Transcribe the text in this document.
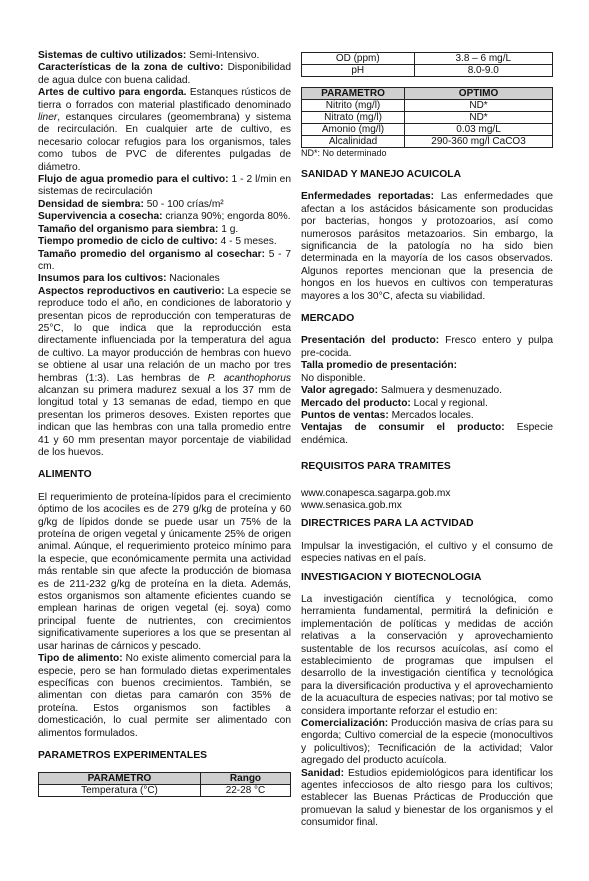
Sistemas de cultivo utilizados: Semi-Intensivo.

Características de la zona de cultivo: Disponibilidad de agua dulce con buena calidad.

Artes de cultivo para engorda. Estanques rústicos de tierra o forrados con material plastificado denominado liner, estanques circulares (geomembrana) y sistema de recirculación. En cualquier arte de cultivo, es necesario colocar refugios para los organismos, tales como tubos de PVC de diferentes pulgadas de diámetro.

Flujo de agua promedio para el cultivo: 1 - 2 l/min en sistemas de recirculación

Densidad de siembra: 50 - 100 crías/m²

Supervivencia a cosecha: crianza 90%; engorda 80%.

Tamaño del organismo para siembra: 1 g.

Tiempo promedio de ciclo de cultivo: 4 - 5 meses.

Tamaño promedio del organismo al cosechar: 5 - 7 cm.

Insumos para los cultivos: Nacionales

Aspectos reproductivos en cautiverio: La especie se reproduce todo el año, en condiciones de laboratorio y presentan picos de reproducción con temperaturas de 25°C, lo que indica que la reproducción esta directamente influenciada por la temperatura del agua de cultivo. La mayor producción de hembras con huevo se obtiene al usar una relación de un macho por tres hembras (1:3). Las hembras de P. acanthophorus alcanzan su primera madurez sexual a los 37 mm de longitud total y 13 semanas de edad, tiempo en que presentan los primeros desoves. Existen reportes que indican que las hembras con una talla promedio entre 41 y 60 mm presentan mayor porcentaje de viabilidad de los huevos.

ALIMENTO

El requerimiento de proteína-lípidos para el crecimiento óptimo de los acociles es de 279 g/kg de proteína y 60 g/kg de lípidos donde se puede usar un 75% de la proteína de origen vegetal y únicamente 25% de origen animal. Aúnque, el requerimiento proteico mínimo para la especie, que económicamente permita una actividad más rentable sin que afecte la producción de biomasa es de 211-232 g/kg de proteína en la dieta. Además, estos organismos son altamente eficientes cuando se emplean harinas de origen vegetal (ej. soya) como principal fuente de nutrientes, con crecimientos significativamente superiores a los que se presentan al usar harinas de cárnicos y pescado.

Tipo de alimento: No existe alimento comercial para la especie, pero se han formulado dietas experimentales específicas con buenos crecimientos. También, se alimentan con dietas para camarón con 35% de proteína. Estos organismos son factibles a domesticación, lo cual permite ser alimentado con alimentos formulados.

PARAMETROS EXPERIMENTALES
PARAMETRO	Rango
Temperatura (°C)	22-28 °C
OD (ppm)	3.8 – 6 mg/L
pH	8.0-9.0
PARAMETRO	OPTIMO
Nitrito (mg/l)	ND*
Nitrato (mg/l)	ND*
Amonio (mg/l)	0.03 mg/L
Alcalinidad	290-360 mg/l CaCO3
ND*: No determinado
SANIDAD Y MANEJO ACUICOLA

Enfermedades reportadas: Las enfermedades que afectan a los astácidos básicamente son producidas por bacterias, hongos y protozoarios, así como numerosos parásitos metazoarios. Sin embargo, la significancia de la patología no ha sido bien determinada en la mayoría de los casos observados. Algunos reportes mencionan que la presencia de hongos en los huevos en cultivos con temperaturas mayores a los 30°C, afecta su viabilidad.

MERCADO

Presentación del producto: Fresco entero y pulpa pre-cocida.

Talla promedio de presentación:

No disponible.

Valor agregado: Salmuera y desmenuzado.

Mercado del producto: Local y regional.

Puntos de ventas: Mercados locales.

Ventajas de consumir el producto: Especie endémica.

REQUISITOS PARA TRAMITES

www.conapesca.sagarpa.gob.mx

www.senasica.gob.mx

DIRECTRICES PARA LA ACTVIDAD

Impulsar la investigación, el cultivo y el consumo de especies nativas en el país.

INVESTIGACION Y BIOTECNOLOGIA

La investigación científica y tecnológica, como herramienta fundamental, permitirá la definición e implementación de políticas y medidas de acción relativas a la conservación y aprovechamiento sustentable de los recursos acuícolas, así como el establecimiento de programas que impulsen el desarrollo de la investigación científica y tecnológica para la diversificación productiva y el aprovechamiento de la acuacultura de especies nativas; por tal motivo se considera importante reforzar el estudio en:

Comercialización: Producción masiva de crías para su engorda; Cultivo comercial de la especie (monocultivos y policultivos); Tecnificación de la actividad; Valor agregado del producto acuícola.

Sanidad: Estudios epidemiológicos para identificar los agentes infecciosos de alto riesgo para los cultivos; establecer las Buenas Prácticas de Producción que promuevan la salud y bienestar de los organismos y el consumidor final.
